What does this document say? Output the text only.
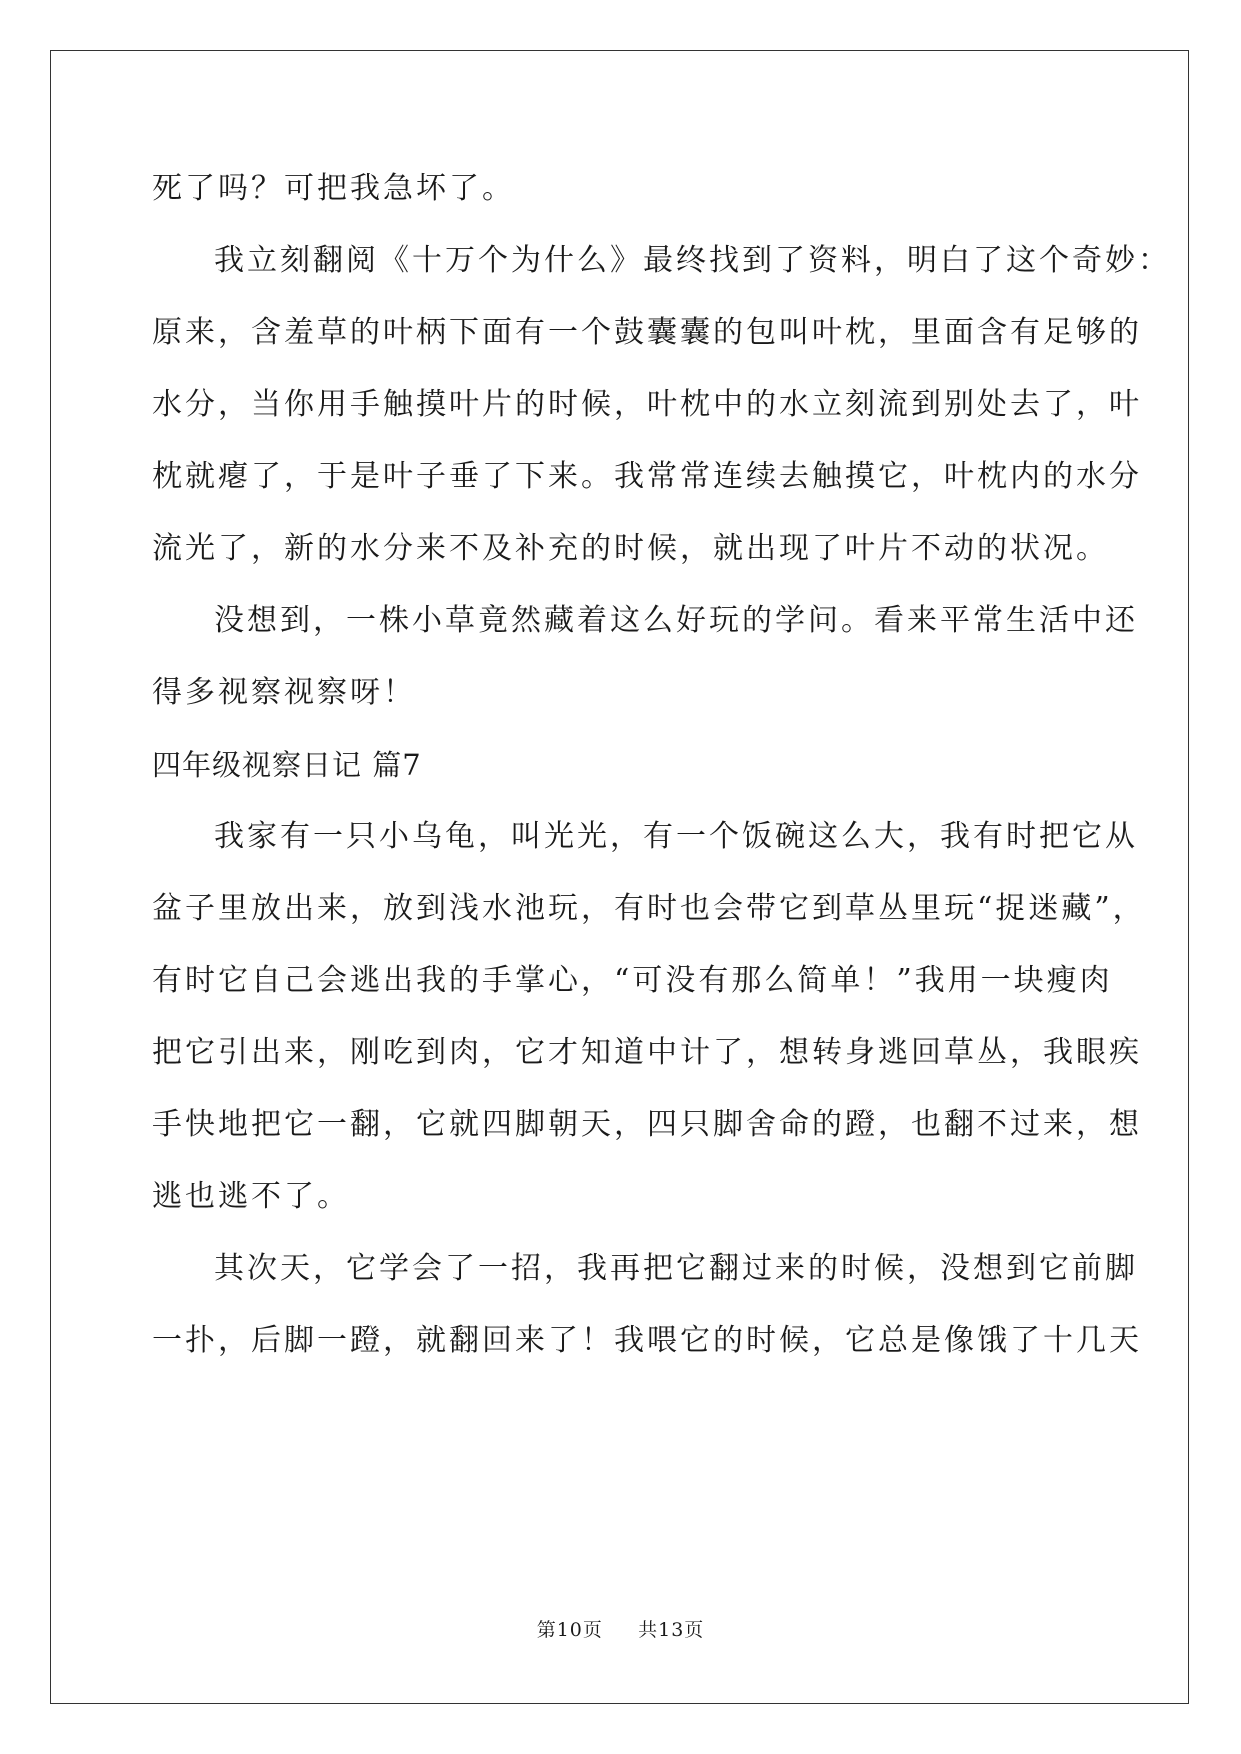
死了吗？可把我急坏了。
我立刻翻阅《十万个为什么》最终找到了资料，明白了这个奇妙：
原来，含羞草的叶柄下面有一个鼓囊囊的包叫叶枕，里面含有足够的
水分，当你用手触摸叶片的时候，叶枕中的水立刻流到别处去了，叶
枕就瘪了，于是叶子垂了下来。我常常连续去触摸它，叶枕内的水分
流光了，新的水分来不及补充的时候，就出现了叶片不动的状况。
没想到，一株小草竟然藏着这么好玩的学问。看来平常生活中还
得多视察视察呀！
四年级视察日记 篇7
我家有一只小乌龟，叫光光，有一个饭碗这么大，我有时把它从
盆子里放出来，放到浅水池玩，有时也会带它到草丛里玩“捉迷藏”，
有时它自己会逃出我的手掌心，“可没有那么简单！”我用一块瘦肉
把它引出来，刚吃到肉，它才知道中计了，想转身逃回草丛，我眼疾
手快地把它一翻，它就四脚朝天，四只脚舍命的蹬，也翻不过来，想
逃也逃不了。
其次天，它学会了一招，我再把它翻过来的时候，没想到它前脚
一扑，后脚一蹬，就翻回来了！我喂它的时候，它总是像饿了十几天
第10页 共13页
